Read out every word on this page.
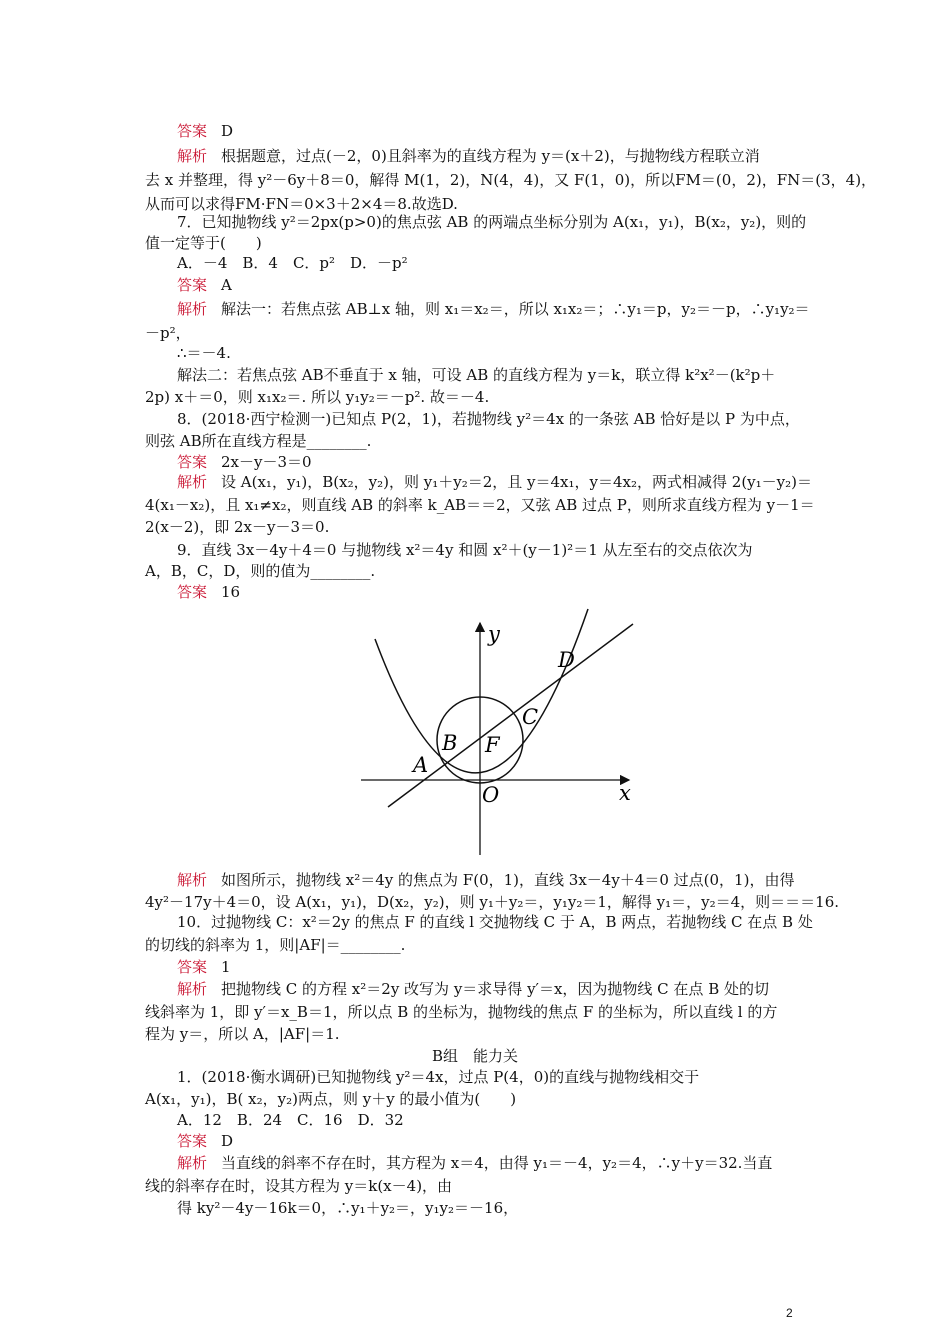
答案 D
解析 根据题意，过点(－2，0)且斜率为的直线方程为 y＝(x＋2)，与抛物线方程联立消
去 x 并整理，得 y²－6y＋8＝0，解得 M(1，2)，N(4，4)，又 F(1，0)，所以FM＝(0，2)，FN＝(3，4)，
从而可以求得FM·FN＝0×3＋2×4＝8.故选D.
7．已知抛物线 y²＝2px(p>0)的焦点弦 AB 的两端点坐标分别为 A(x₁，y₁)，B(x₂，y₂)，则的
值一定等于(　　)
A．－4　B．4　C．p²　D．－p²
答案 A
解析 解法一：若焦点弦 AB⊥x 轴，则 x₁＝x₂＝，所以 x₁x₂＝；∴y₁＝p，y₂＝－p，∴y₁y₂＝
－p²，
∴＝－4.
解法二：若焦点弦 AB不垂直于 x 轴，可设 AB 的直线方程为 y＝k，联立得 k²x²－(k²p＋
2p) x＋＝0，则 x₁x₂＝. 所以 y₁y₂＝－p². 故＝－4.
8．(2018·西宁检测一)已知点 P(2，1)，若抛物线 y²＝4x 的一条弦 AB 恰好是以 P 为中点，
则弦 AB所在直线方程是________.
答案 2x－y－3＝0
解析 设 A(x₁，y₁)，B(x₂，y₂)，则 y₁＋y₂＝2，且 y＝4x₁，y＝4x₂，两式相减得 2(y₁－y₂)＝
4(x₁－x₂)，且 x₁≠x₂，则直线 AB 的斜率 k_AB＝＝2，又弦 AB 过点 P，则所求直线方程为 y－1＝
2(x－2)，即 2x－y－3＝0.
9．直线 3x－4y＋4＝0 与抛物线 x²＝4y 和圆 x²＋(y－1)²＝1 从左至右的交点依次为
A，B，C，D，则的值为________.
答案 16
y
x
O
A
B
C
D
F
解析 如图所示，抛物线 x²＝4y 的焦点为 F(0，1)，直线 3x－4y＋4＝0 过点(0，1)，由得
4y²－17y＋4＝0，设 A(x₁，y₁)，D(x₂，y₂)，则 y₁＋y₂＝，y₁y₂＝1，解得 y₁＝，y₂＝4，则＝＝＝16.
10．过抛物线 C：x²＝2y 的焦点 F 的直线 l 交抛物线 C 于 A，B 两点，若抛物线 C 在点 B 处
的切线的斜率为 1，则|AF|＝________.
答案 1
解析 把抛物线 C 的方程 x²＝2y 改写为 y＝求导得 y′＝x，因为抛物线 C 在点 B 处的切
线斜率为 1，即 y′＝x_B＝1，所以点 B 的坐标为，抛物线的焦点 F 的坐标为，所以直线 l 的方
程为 y＝，所以 A，|AF|＝1.
B组　能力关
1．(2018·衡水调研)已知抛物线 y²＝4x，过点 P(4，0)的直线与抛物线相交于
A(x₁，y₁)，B( x₂，y₂)两点，则 y＋y 的最小值为(　　)
A．12　B．24　C．16　D．32
答案 D
解析 当直线的斜率不存在时，其方程为 x＝4，由得 y₁＝－4，y₂＝4，∴y＋y＝32.当直
线的斜率存在时，设其方程为 y＝k(x－4)，由
得 ky²－4y－16k＝0，∴y₁＋y₂＝，y₁y₂＝－16，
2
